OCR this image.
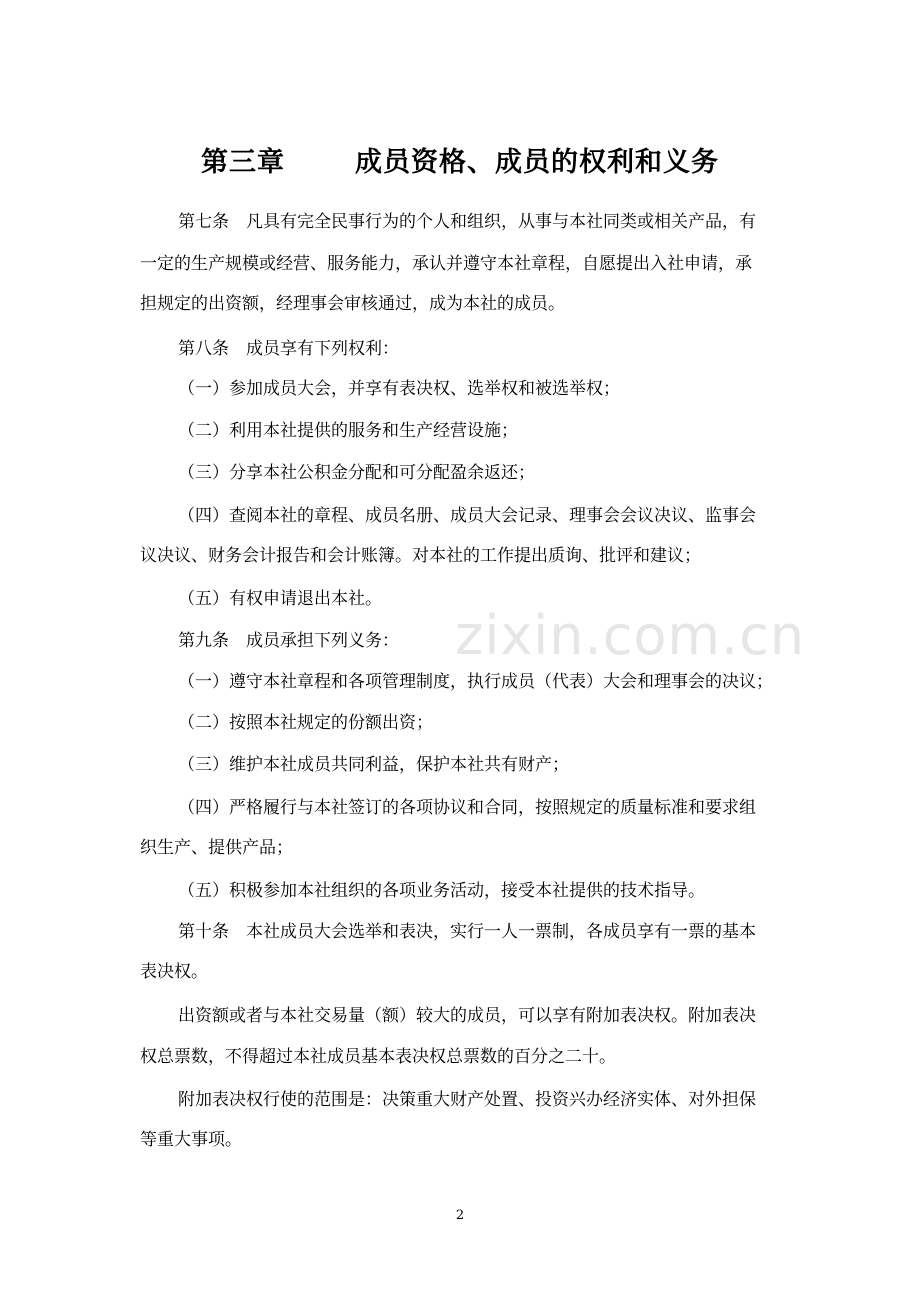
第三章	成员资格、成员的权利和义务

第七条　凡具有完全民事行为的个人和组织，从事与本社同类或相关产品，有

一定的生产规模或经营、服务能力，承认并遵守本社章程，自愿提出入社申请，承

担规定的出资额，经理事会审核通过，成为本社的成员。

第八条　成员享有下列权利：

（一）参加成员大会，并享有表决权、选举权和被选举权；

（二）利用本社提供的服务和生产经营设施；

（三）分享本社公积金分配和可分配盈余返还；

（四）查阅本社的章程、成员名册、成员大会记录、理事会会议决议、监事会

议决议、财务会计报告和会计账簿。对本社的工作提出质询、批评和建议；

（五）有权申请退出本社。

第九条　成员承担下列义务：

（一）遵守本社章程和各项管理制度，执行成员（代表）大会和理事会的决议；

（二）按照本社规定的份额出资；

（三）维护本社成员共同利益，保护本社共有财产；

（四）严格履行与本社签订的各项协议和合同，按照规定的质量标准和要求组

织生产、提供产品；

（五）积极参加本社组织的各项业务活动，接受本社提供的技术指导。

第十条　本社成员大会选举和表决，实行一人一票制，各成员享有一票的基本

表决权。

出资额或者与本社交易量（额）较大的成员，可以享有附加表决权。附加表决

权总票数，不得超过本社成员基本表决权总票数的百分之二十。

附加表决权行使的范围是：决策重大财产处置、投资兴办经济实体、对外担保

等重大事项。

zixin.com.cn

2
